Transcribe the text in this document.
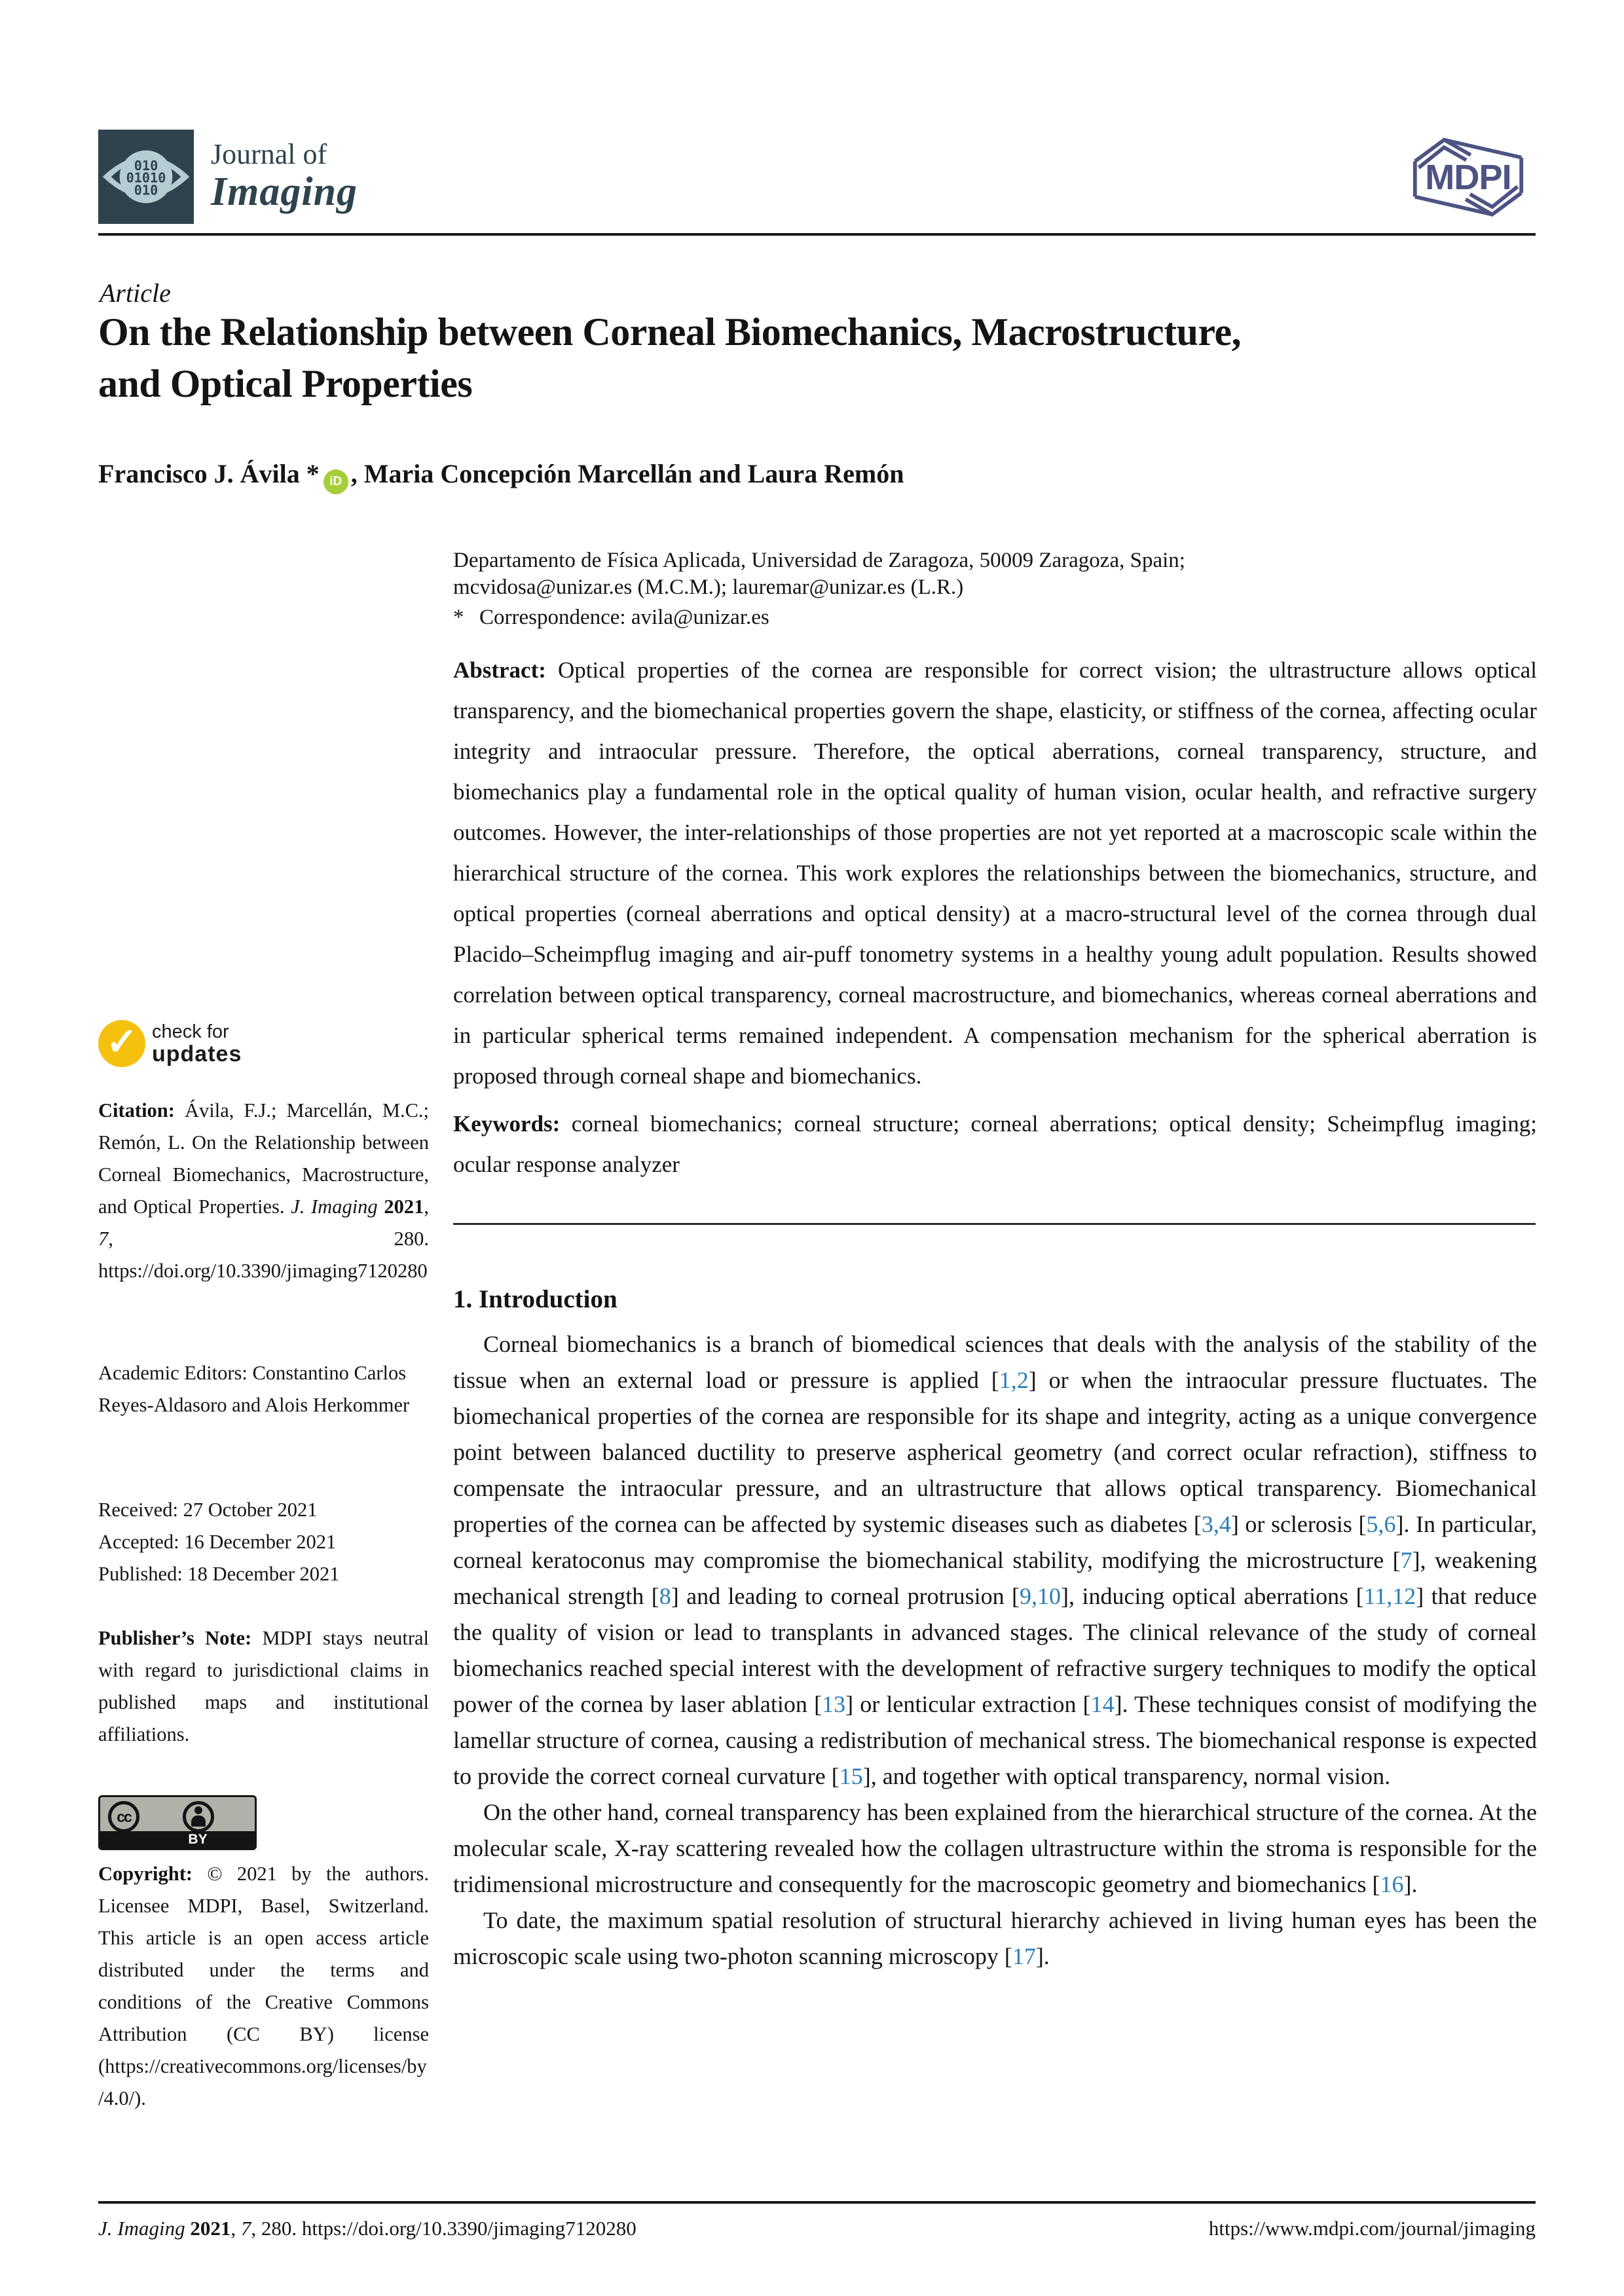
010
01010
010
Journal of
Imaging	MDPI
Article
On the Relationship between Corneal Biomechanics, Macrostructure, and Optical Properties
Francisco J. Ávila * iD , Maria Concepción Marcellán and Laura Remón
Departamento de Física Aplicada, Universidad de Zaragoza, 50009 Zaragoza, Spain;
mcvidosa@unizar.es (M.C.M.); lauremar@unizar.es (L.R.)
* Correspondence: avila@unizar.es

Abstract: Optical properties of the cornea are responsible for correct vision; the ultrastructure allows optical transparency, and the biomechanical properties govern the shape, elasticity, or stiffness of the cornea, affecting ocular integrity and intraocular pressure. Therefore, the optical aberrations, corneal transparency, structure, and biomechanics play a fundamental role in the optical quality of human vision, ocular health, and refractive surgery outcomes. However, the inter-relationships of those properties are not yet reported at a macroscopic scale within the hierarchical structure of the cornea. This work explores the relationships between the biomechanics, structure, and optical properties (corneal aberrations and optical density) at a macro-structural level of the cornea through dual Placido–Scheimpflug imaging and air-puff tonometry systems in a healthy young adult population. Results showed correlation between optical transparency, corneal macrostructure, and biomechanics, whereas corneal aberrations and in particular spherical terms remained independent. A compensation mechanism for the spherical aberration is proposed through corneal shape and biomechanics.

Keywords: corneal biomechanics; corneal structure; corneal aberrations; optical density; Scheimpflug imaging; ocular response analyzer

1. Introduction

Corneal biomechanics is a branch of biomedical sciences that deals with the analysis of the stability of the tissue when an external load or pressure is applied [1,2] or when the intraocular pressure fluctuates. The biomechanical properties of the cornea are responsible for its shape and integrity, acting as a unique convergence point between balanced ductility to preserve aspherical geometry (and correct ocular refraction), stiffness to compensate the intraocular pressure, and an ultrastructure that allows optical transparency. Biomechanical properties of the cornea can be affected by systemic diseases such as diabetes [3,4] or sclerosis [5,6]. In particular, corneal keratoconus may compromise the biomechanical stability, modifying the microstructure [7], weakening mechanical strength [8] and leading to corneal protrusion [9,10], inducing optical aberrations [11,12] that reduce the quality of vision or lead to transplants in advanced stages. The clinical relevance of the study of corneal biomechanics reached special interest with the development of refractive surgery techniques to modify the optical power of the cornea by laser ablation [13] or lenticular extraction [14]. These techniques consist of modifying the lamellar structure of cornea, causing a redistribution of mechanical stress. The biomechanical response is expected to provide the correct corneal curvature [15], and together with optical transparency, normal vision.

On the other hand, corneal transparency has been explained from the hierarchical structure of the cornea. At the molecular scale, X-ray scattering revealed how the collagen ultrastructure within the stroma is responsible for the tridimensional microstructure and consequently for the macroscopic geometry and biomechanics [16].

To date, the maximum spatial resolution of structural hierarchy achieved in living human eyes has been the microscopic scale using two-photon scanning microscopy [17].

✓ check for
updates
Citation: Ávila, F.J.; Marcellán, M.C.; Remón, L. On the Relationship between Corneal Biomechanics, Macrostructure, and Optical Properties. J. Imaging 2021, 7, 280. https://doi.org/10.3390/jimaging7120280
Academic Editors: Constantino Carlos Reyes-Aldasoro and Alois Herkommer
Received: 27 October 2021
Accepted: 16 December 2021
Published: 18 December 2021
Publisher’s Note: MDPI stays neutral with regard to jurisdictional claims in published maps and institutional affiliations.
BY
cc
Copyright: © 2021 by the authors. Licensee MDPI, Basel, Switzerland. This article is an open access article distributed under the terms and conditions of the Creative Commons Attribution (CC BY) license (https://creativecommons.org/licenses/by/4.0/).
J. Imaging 2021, 7, 280. https://doi.org/10.3390/jimaging7120280	https://www.mdpi.com/journal/jimaging
